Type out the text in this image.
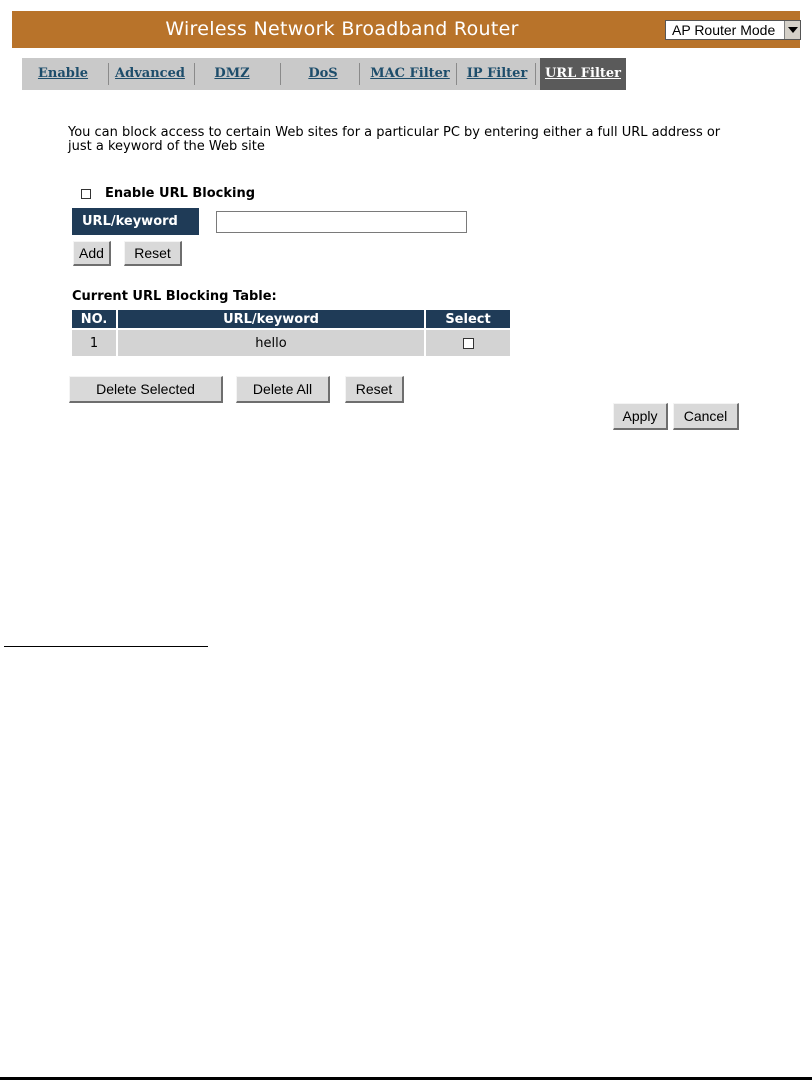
Wireless Network Broadband Router	AP Router Mode
Enable	Advanced	DMZ	DoS	MAC Filter	IP Filter	URL Filter
You can block access to certain Web sites for a particular PC by entering either a full URL address or just a keyword of the Web site
Enable URL Blocking
URL/keyword
Add	Reset
Current URL Blocking Table:
NO.	URL/keyword	Select
1	hello	
Delete Selected	Delete All	Reset
Apply	Cancel
